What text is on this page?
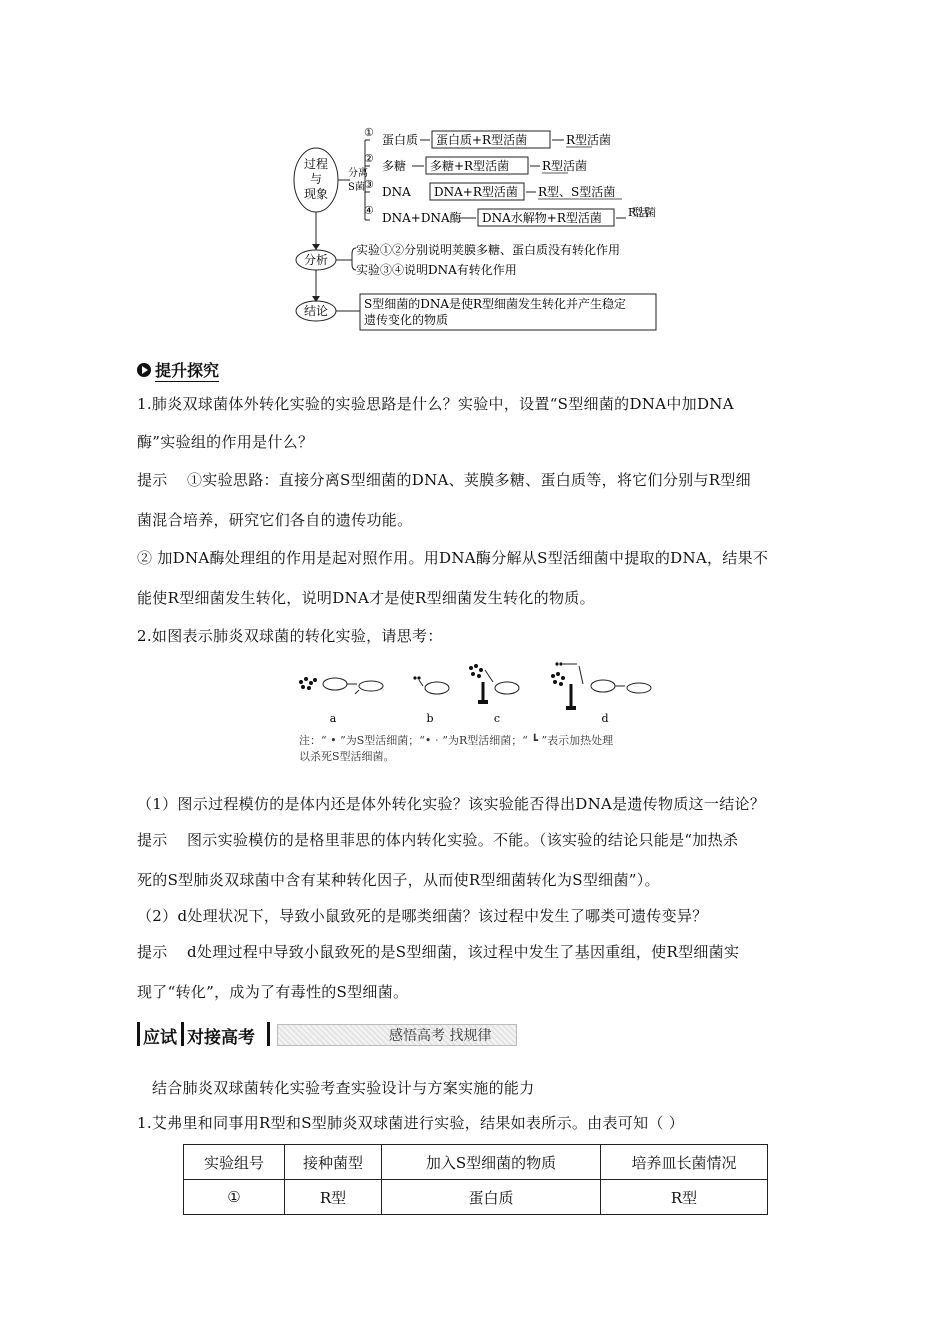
过程
与
现象
分离
S菌
①
蛋白质 蛋白质+R型活菌	R型活菌
②
多糖 多糖+R型活菌	R型活菌
③
DNA DNA+R型活菌 R型、S型活菌
④
DNA+DNA酶 DNA水解物+R型活菌 R型活菌
分析
实验①②分别说明荚膜多糖、蛋白质没有转化作用
实验③④说明DNA有转化作用
结论	S型细菌的DNA是使R型细菌发生转化并产生稳定
遗传变化的物质
提升探究
1.肺炎双球菌体外转化实验的实验思路是什么？实验中，设置“S型细菌的DNA中加DNA
酶”实验组的作用是什么？
提示 ①实验思路：直接分离S型细菌的DNA、荚膜多糖、蛋白质等，将它们分别与R型细
菌混合培养，研究它们各自的遗传功能。
② 加DNA酶处理组的作用是起对照作用。用DNA酶分解从S型活细菌中提取的DNA，结果不
能使R型细菌发生转化，说明DNA才是使R型细菌发生转化的物质。
2.如图表示肺炎双球菌的转化实验，请思考：
a	b	c	d
注：“ • ”为S型活细菌；“•‧”为R型活细菌；“ ┗ ”表示加热处理
以杀死S型活细菌。
（1）图示过程模仿的是体内还是体外转化实验？该实验能否得出DNA是遗传物质这一结论？
提示 图示实验模仿的是格里菲思的体内转化实验。不能。（该实验的结论只能是“加热杀
死的S型肺炎双球菌中含有某种转化因子，从而使R型细菌转化为S型细菌”）。
（2）d处理状况下，导致小鼠致死的是哪类细菌？该过程中发生了哪类可遗传变异？
提示 d处理过程中导致小鼠致死的是S型细菌，该过程中发生了基因重组，使R型细菌实
现了“转化”，成为了有毒性的S型细菌。
应试 对接高考	感悟高考 找规律
结合肺炎双球菌转化实验考查实验设计与方案实施的能力
1.艾弗里和同事用R型和S型肺炎双球菌进行实验，结果如表所示。由表可知（ ）
实验组号	接种菌型	加入S型细菌的物质	培养皿长菌情况
①	R型	蛋白质	R型
